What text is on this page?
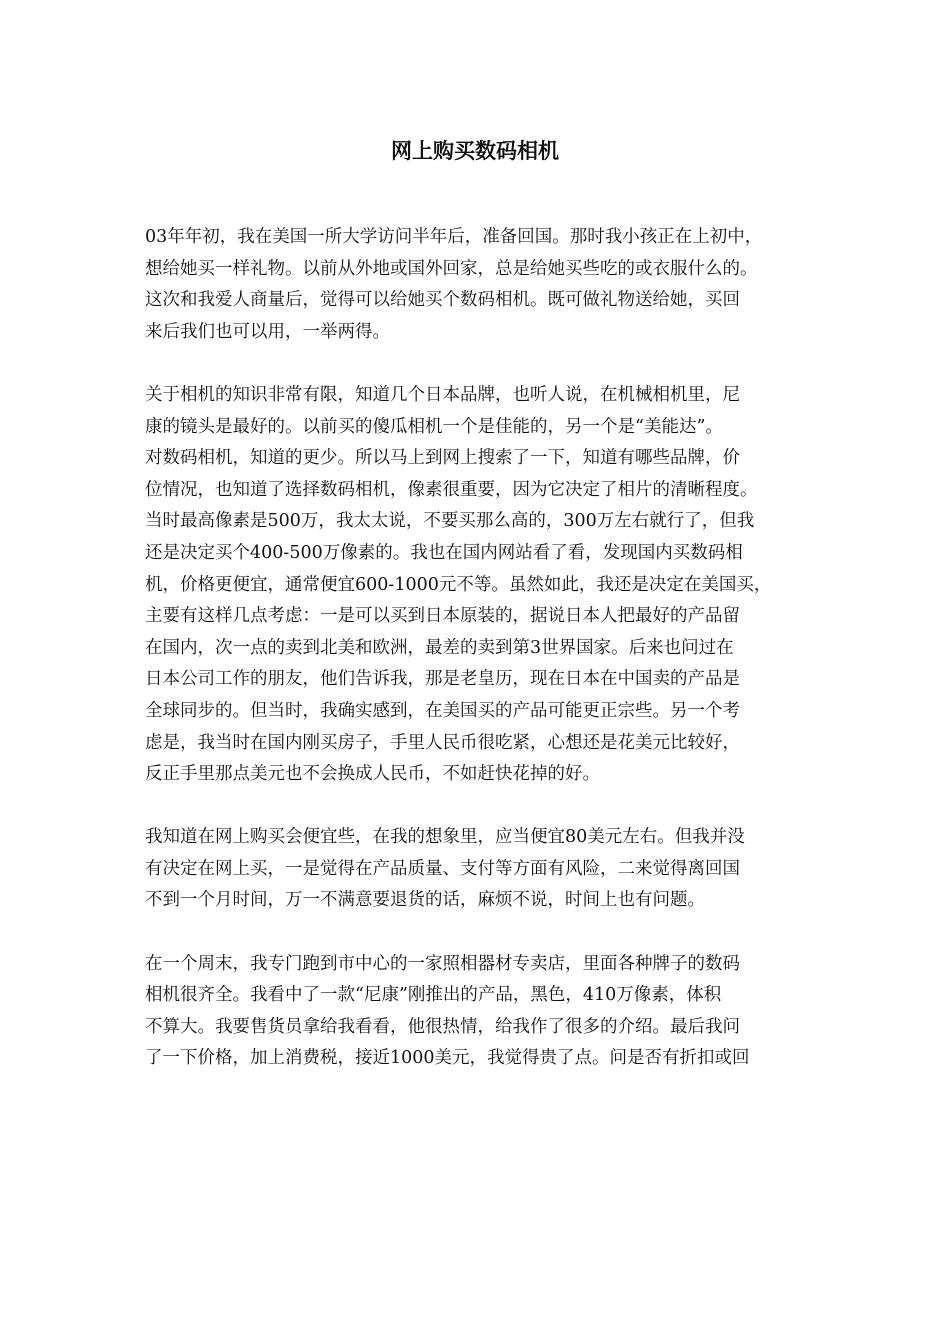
网上购买数码相机
03年年初，我在美国一所大学访问半年后，准备回国。那时我小孩正在上初中，
想给她买一样礼物。以前从外地或国外回家，总是给她买些吃的或衣服什么的。
这次和我爱人商量后，觉得可以给她买个数码相机。既可做礼物送给她，买回
来后我们也可以用，一举两得。
关于相机的知识非常有限，知道几个日本品牌，也听人说，在机械相机里，尼
康的镜头是最好的。以前买的傻瓜相机一个是佳能的，另一个是“美能达”。
对数码相机，知道的更少。所以马上到网上搜索了一下，知道有哪些品牌，价
位情况，也知道了选择数码相机，像素很重要，因为它决定了相片的清晰程度。
当时最高像素是500万，我太太说，不要买那么高的，300万左右就行了，但我
还是决定买个400-500万像素的。我也在国内网站看了看，发现国内买数码相
机，价格更便宜，通常便宜600-1000元不等。虽然如此，我还是决定在美国买，
主要有这样几点考虑：一是可以买到日本原装的，据说日本人把最好的产品留
在国内，次一点的卖到北美和欧洲，最差的卖到第3世界国家。后来也问过在
日本公司工作的朋友，他们告诉我，那是老皇历，现在日本在中国卖的产品是
全球同步的。但当时，我确实感到，在美国买的产品可能更正宗些。另一个考
虑是，我当时在国内刚买房子，手里人民币很吃紧，心想还是花美元比较好，
反正手里那点美元也不会换成人民币，不如赶快花掉的好。
我知道在网上购买会便宜些，在我的想象里，应当便宜80美元左右。但我并没
有决定在网上买，一是觉得在产品质量、支付等方面有风险，二来觉得离回国
不到一个月时间，万一不满意要退货的话，麻烦不说，时间上也有问题。
在一个周末，我专门跑到市中心的一家照相器材专卖店，里面各种牌子的数码
相机很齐全。我看中了一款“尼康”刚推出的产品，黑色，410万像素，体积
不算大。我要售货员拿给我看看，他很热情，给我作了很多的介绍。最后我问
了一下价格，加上消费税，接近1000美元，我觉得贵了点。问是否有折扣或回
